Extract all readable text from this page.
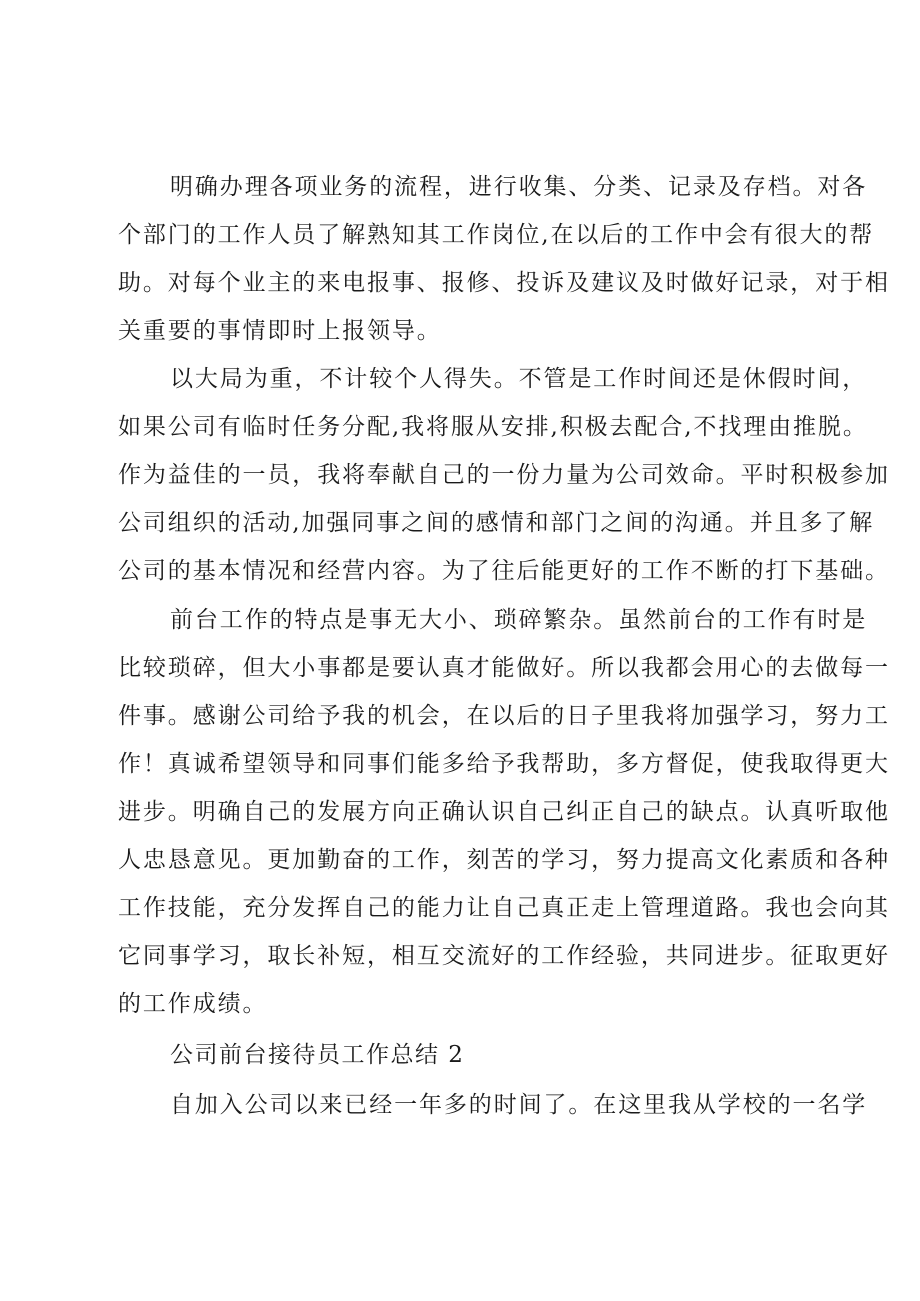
明确办理各项业务的流程，进行收集、分类、记录及存档。对各

个部门的工作人员了解熟知其工作岗位,在以后的工作中会有很大的帮

助。对每个业主的来电报事、报修、投诉及建议及时做好记录，对于相

关重要的事情即时上报领导。

以大局为重，不计较个人得失。不管是工作时间还是休假时间，

如果公司有临时任务分配,我将服从安排,积极去配合,不找理由推脱。

作为益佳的一员，我将奉献自己的一份力量为公司效命。平时积极参加

公司组织的活动,加强同事之间的感情和部门之间的沟通。并且多了解

公司的基本情况和经营内容。为了往后能更好的工作不断的打下基础。

前台工作的特点是事无大小、琐碎繁杂。虽然前台的工作有时是

比较琐碎，但大小事都是要认真才能做好。所以我都会用心的去做每一

件事。感谢公司给予我的机会，在以后的日子里我将加强学习，努力工

作！真诚希望领导和同事们能多给予我帮助，多方督促，使我取得更大

进步。明确自己的发展方向正确认识自己纠正自己的缺点。认真听取他

人忠恳意见。更加勤奋的工作，刻苦的学习，努力提高文化素质和各种

工作技能，充分发挥自己的能力让自己真正走上管理道路。我也会向其

它同事学习，取长补短，相互交流好的工作经验，共同进步。征取更好

的工作成绩。

公司前台接待员工作总结 2

自加入公司以来已经一年多的时间了。在这里我从学校的一名学
